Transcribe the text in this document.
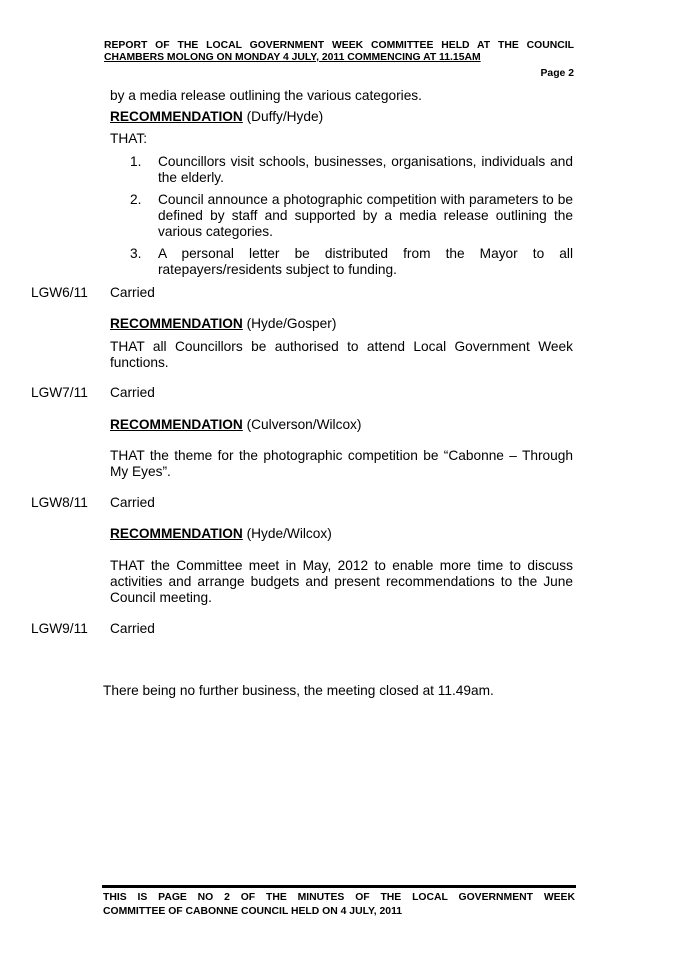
REPORT OF THE LOCAL GOVERNMENT WEEK COMMITTEE HELD AT THE COUNCIL
CHAMBERS MOLONG ON MONDAY 4 JULY, 2011 COMMENCING AT 11.15AM
Page 2
by a media release outlining the various categories.
RECOMMENDATION (Duffy/Hyde)
THAT:
1. Councillors visit schools, businesses, organisations, individuals and the elderly.
2. Council announce a photographic competition with parameters to be defined by staff and supported by a media release outlining the various categories.
3. A personal letter be distributed from the Mayor to all ratepayers/residents subject to funding.
LGW6/11 Carried
RECOMMENDATION (Hyde/Gosper)
THAT all Councillors be authorised to attend Local Government Week functions.
LGW7/11 Carried
RECOMMENDATION (Culverson/Wilcox)
THAT the theme for the photographic competition be “Cabonne – Through My Eyes”.
LGW8/11 Carried
RECOMMENDATION (Hyde/Wilcox)
THAT the Committee meet in May, 2012 to enable more time to discuss activities and arrange budgets and present recommendations to the June Council meeting.
LGW9/11 Carried
There being no further business, the meeting closed at 11.49am.
THIS IS PAGE NO 2 OF THE MINUTES OF THE LOCAL GOVERNMENT WEEK
COMMITTEE OF CABONNE COUNCIL HELD ON 4 JULY, 2011
